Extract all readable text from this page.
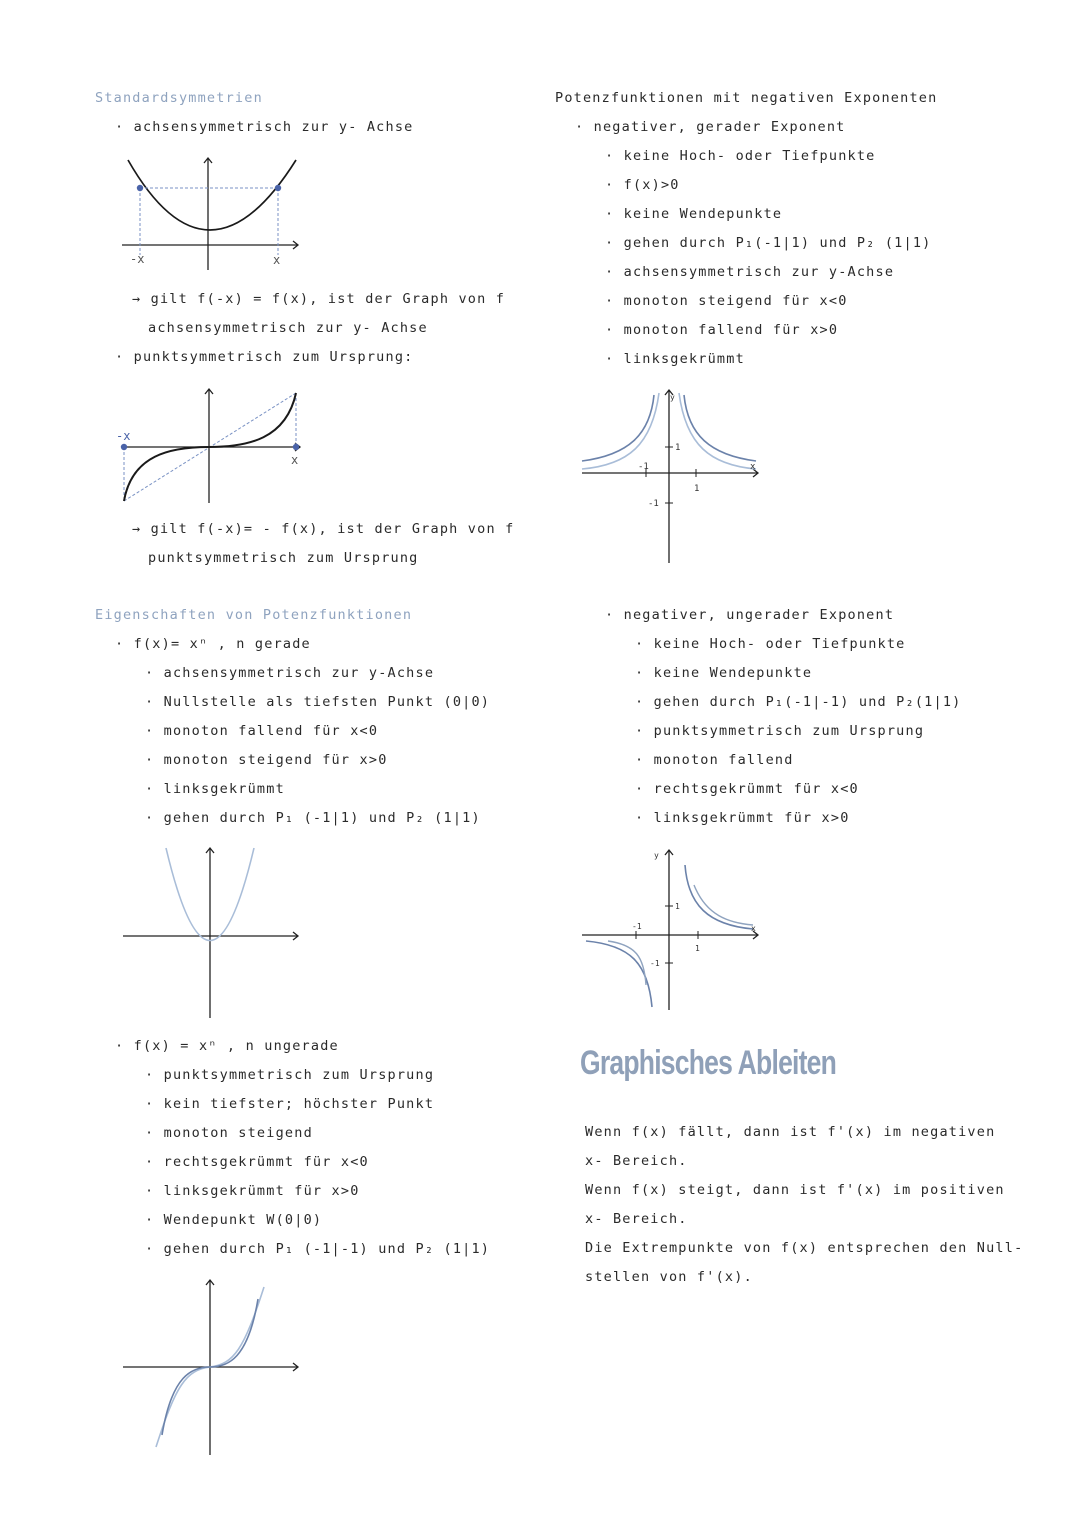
Standardsymmetrien
· achsensymmetrisch zur y- Achse
-x	x
→ gilt f(-x) = f(x), ist der Graph von f
achsensymmetrisch zur y- Achse
· punktsymmetrisch zum Ursprung:
-x
x
→ gilt f(-x)= - f(x), ist der Graph von f
punktsymmetrisch zum Ursprung
Eigenschaften von Potenzfunktionen
· f(x)= xⁿ , n gerade
· achsensymmetrisch zur y-Achse
· Nullstelle als tiefsten Punkt (0|0)
· monoton fallend für x<0
· monoton steigend für x>0
· linksgekrümmt
· gehen durch P₁ (-1|1) und P₂ (1|1)
· f(x) = xⁿ , n ungerade
· punktsymmetrisch zum Ursprung
· kein tiefster; höchster Punkt
· monoton steigend
· rechtsgekrümmt für x<0
· linksgekrümmt für x>0
· Wendepunkt W(0|0)
· gehen durch P₁ (-1|-1) und P₂ (1|1)
Potenzfunktionen mit negativen Exponenten
· negativer, gerader Exponent
· keine Hoch- oder Tiefpunkte
· f(x)>0
· keine Wendepunkte
· gehen durch P₁(-1|1) und P₂ (1|1)
· achsensymmetrisch zur y-Achse
· monoton steigend für x<0
· monoton fallend für x>0
· linksgekrümmt
y
x
1
-1
-1
1
· negativer, ungerader Exponent
· keine Hoch- oder Tiefpunkte
· keine Wendepunkte
· gehen durch P₁(-1|-1) und P₂(1|1)
· punktsymmetrisch zum Ursprung
· monoton fallend
· rechtsgekrümmt für x<0
· linksgekrümmt für x>0
y
x
1
-1
-1
1
Graphisches Ableiten
Wenn f(x) fällt, dann ist f'(x) im negativen
x- Bereich.
Wenn f(x) steigt, dann ist f'(x) im positiven
x- Bereich.
Die Extrempunkte von f(x) entsprechen den Null-
stellen von f'(x).
